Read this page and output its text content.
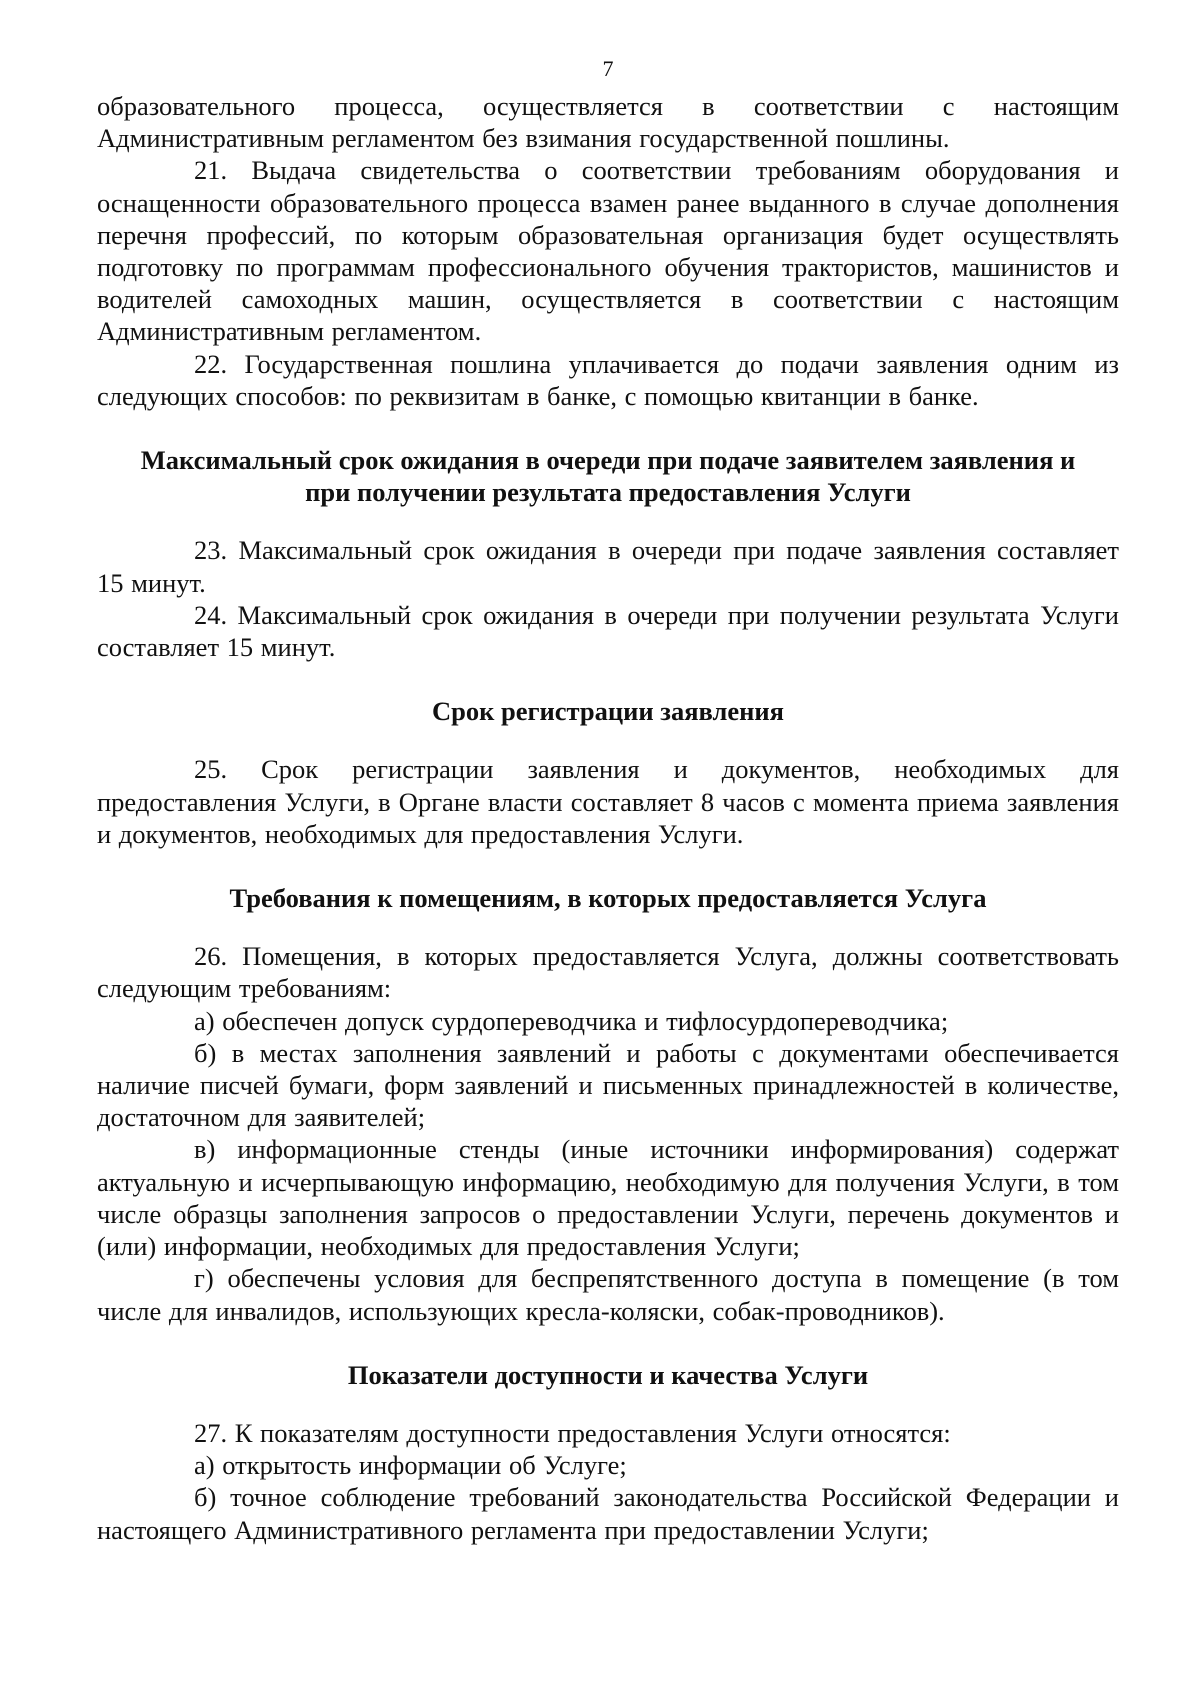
7

образовательного процесса, осуществляется в соответствии с настоящим Административным регламентом без взимания государственной пошлины.

21. Выдача свидетельства о соответствии требованиям оборудования и оснащенности образовательного процесса взамен ранее выданного в случае дополнения перечня профессий, по которым образовательная организация будет осуществлять подготовку по программам профессионального обучения трактористов, машинистов и водителей самоходных машин, осуществляется в соответствии с настоящим Административным регламентом.

22. Государственная пошлина уплачивается до подачи заявления одним из следующих способов: по реквизитам в банке, с помощью квитанции в банке.

Максимальный срок ожидания в очереди при подаче заявителем заявления и
при получении результата предоставления Услуги

23. Максимальный срок ожидания в очереди при подаче заявления составляет 15 минут.

24. Максимальный срок ожидания в очереди при получении результата Услуги составляет 15 минут.

Срок регистрации заявления

25. Срок регистрации заявления и документов, необходимых для предоставления Услуги, в Органе власти составляет 8 часов с момента приема заявления и документов, необходимых для предоставления Услуги.

Требования к помещениям, в которых предоставляется Услуга

26. Помещения, в которых предоставляется Услуга, должны соответствовать следующим требованиям:

а) обеспечен допуск сурдопереводчика и тифлосурдопереводчика;

б) в местах заполнения заявлений и работы с документами обеспечивается наличие писчей бумаги, форм заявлений и письменных принадлежностей в количестве, достаточном для заявителей;

в) информационные стенды (иные источники информирования) содержат актуальную и исчерпывающую информацию, необходимую для получения Услуги, в том числе образцы заполнения запросов о предоставлении Услуги, перечень документов и (или) информации, необходимых для предоставления Услуги;

г) обеспечены условия для беспрепятственного доступа в помещение (в том числе для инвалидов, использующих кресла-коляски, собак-проводников).

Показатели доступности и качества Услуги

27. К показателям доступности предоставления Услуги относятся:

а) открытость информации об Услуге;

б) точное соблюдение требований законодательства Российской Федерации и настоящего Административного регламента при предоставлении Услуги;
